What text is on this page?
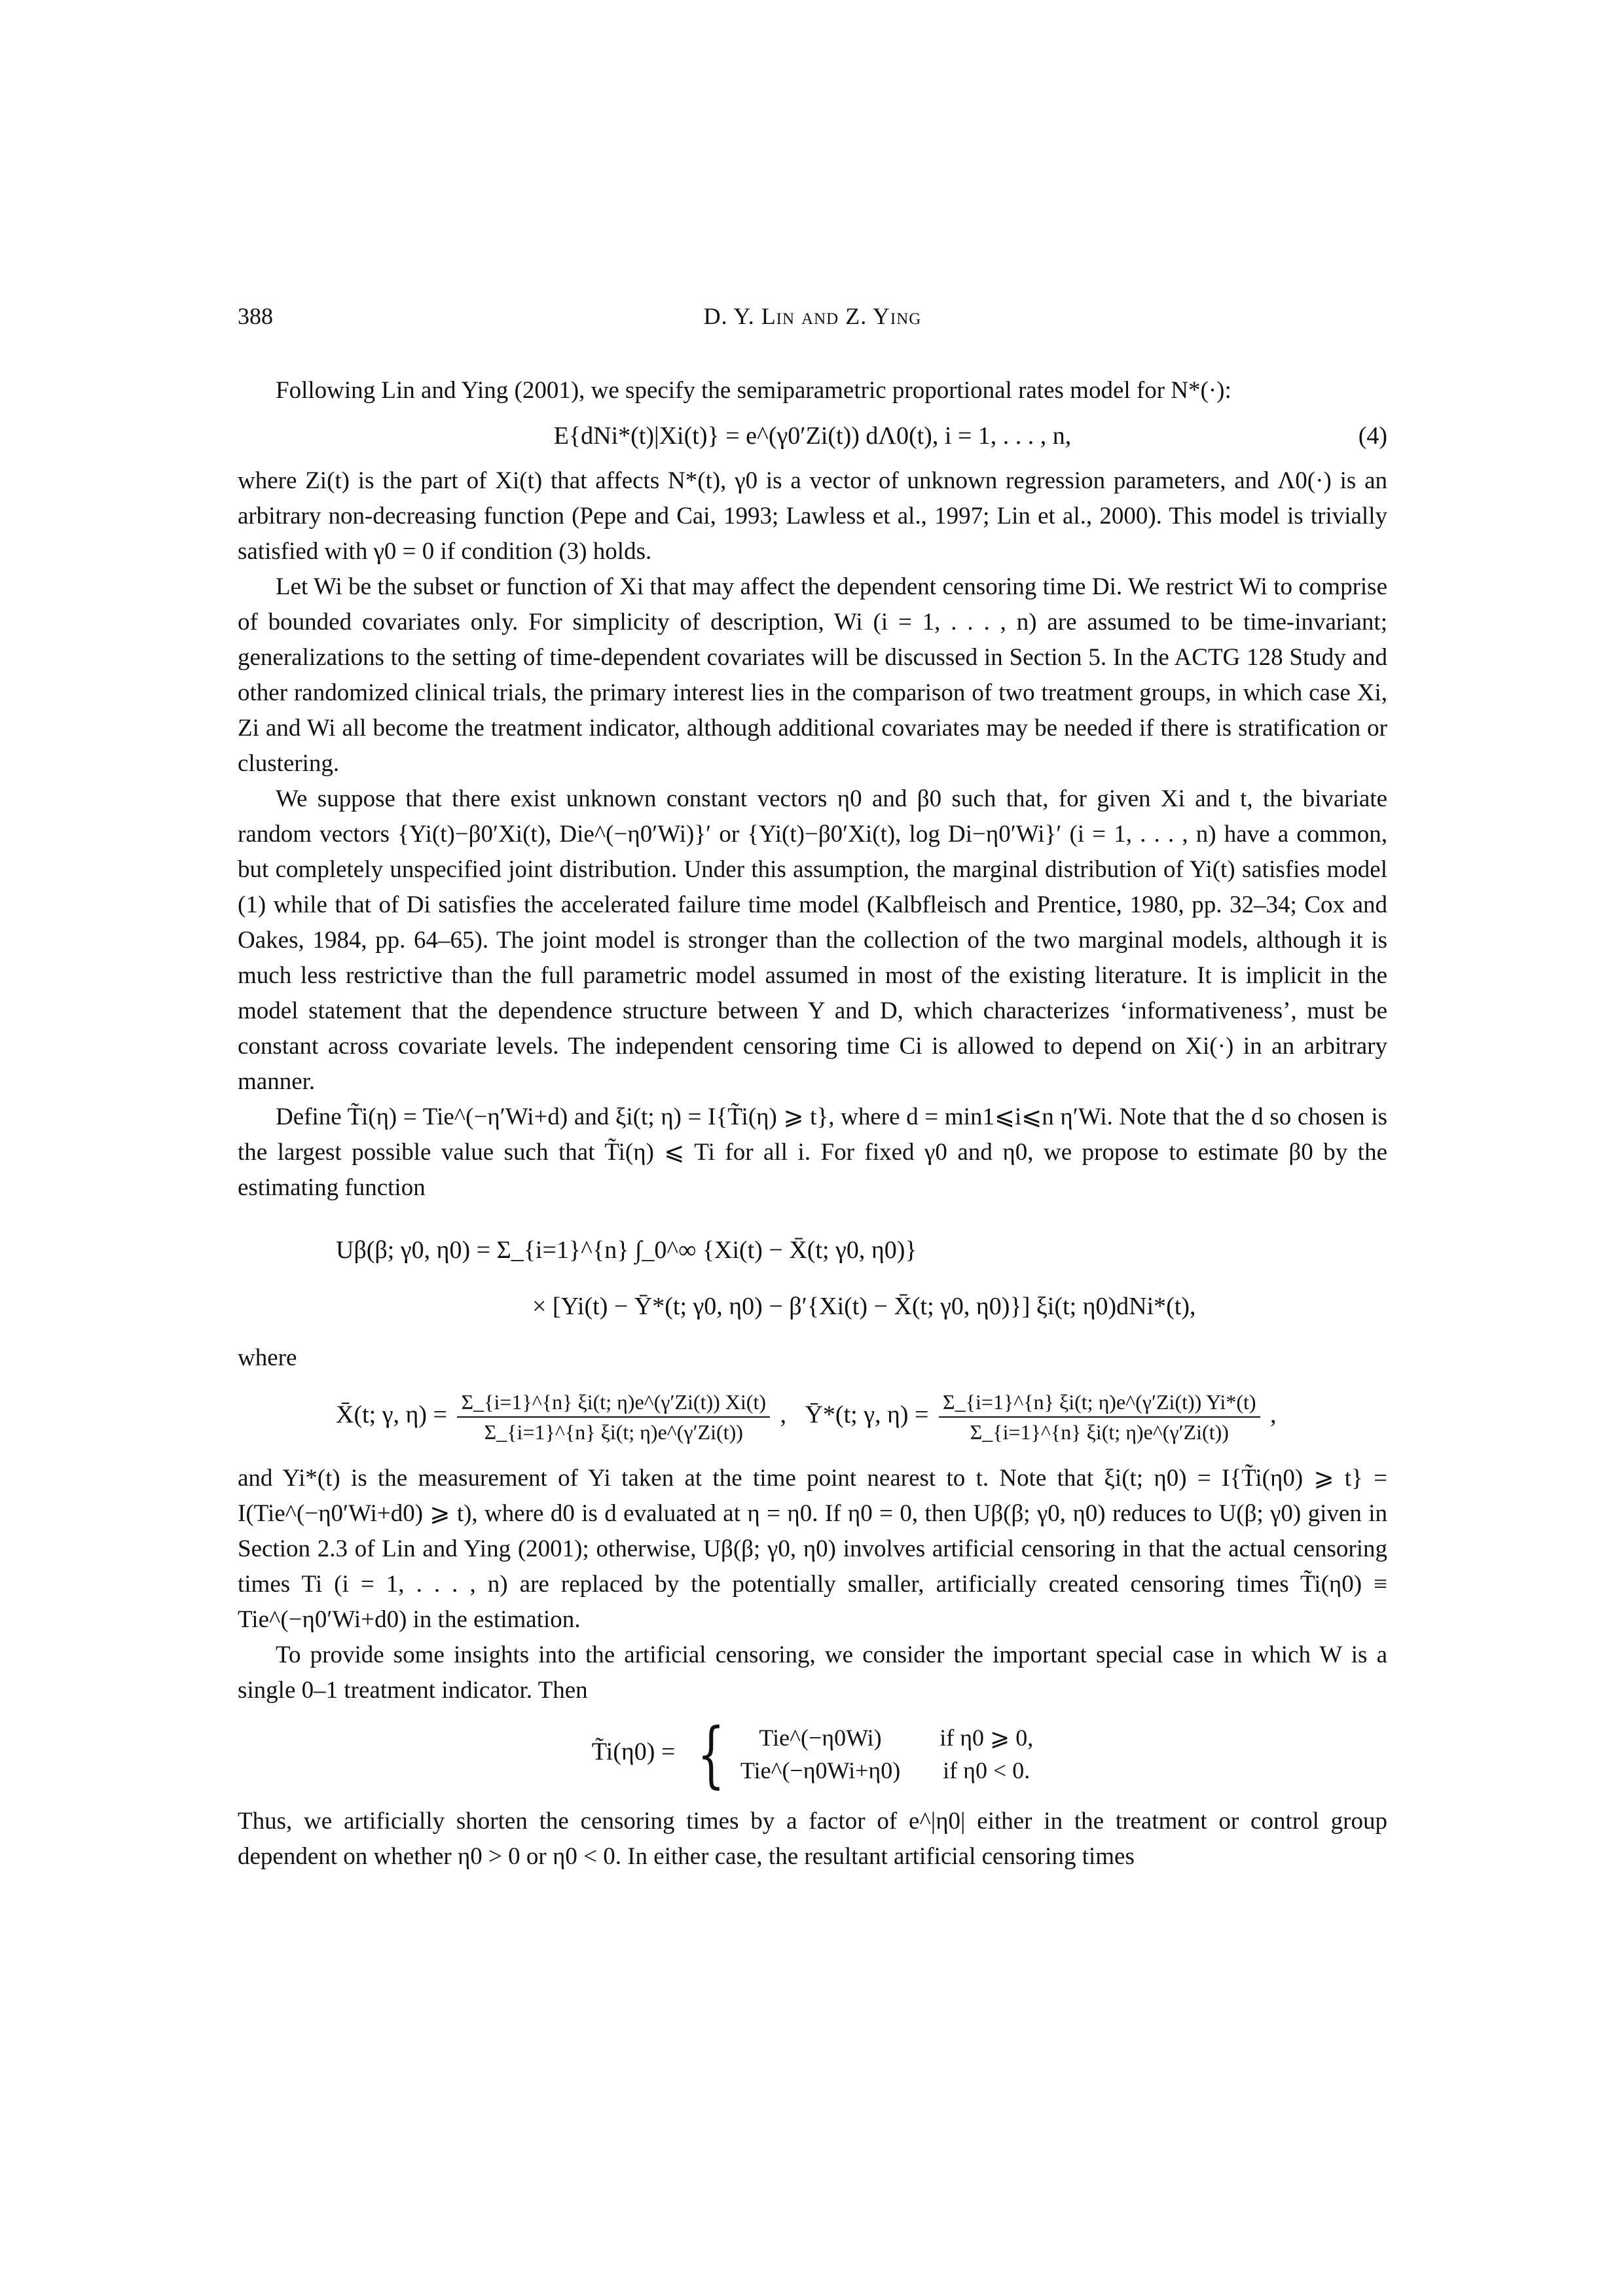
388	D. Y. Lin and Z. Ying

Following Lin and Ying (2001), we specify the semiparametric proportional rates model for N*(·):

E{dNi*(t)|Xi(t)} = e^(γ0′Zi(t)) dΛ0(t), i = 1, . . . , n,	(4)

where Zi(t) is the part of Xi(t) that affects N*(t), γ0 is a vector of unknown regression parameters, and Λ0(·) is an arbitrary non-decreasing function (Pepe and Cai, 1993; Lawless et al., 1997; Lin et al., 2000). This model is trivially satisfied with γ0 = 0 if condition (3) holds.

Let Wi be the subset or function of Xi that may affect the dependent censoring time Di. We restrict Wi to comprise of bounded covariates only. For simplicity of description, Wi (i = 1, . . . , n) are assumed to be time-invariant; generalizations to the setting of time-dependent covariates will be discussed in Section 5. In the ACTG 128 Study and other randomized clinical trials, the primary interest lies in the comparison of two treatment groups, in which case Xi, Zi and Wi all become the treatment indicator, although additional covariates may be needed if there is stratification or clustering.

We suppose that there exist unknown constant vectors η0 and β0 such that, for given Xi and t, the bivariate random vectors {Yi(t)−β0′Xi(t), Die^(−η0′Wi)}′ or {Yi(t)−β0′Xi(t), log Di−η0′Wi}′ (i = 1, . . . , n) have a common, but completely unspecified joint distribution. Under this assumption, the marginal distribution of Yi(t) satisfies model (1) while that of Di satisfies the accelerated failure time model (Kalbfleisch and Prentice, 1980, pp. 32–34; Cox and Oakes, 1984, pp. 64–65). The joint model is stronger than the collection of the two marginal models, although it is much less restrictive than the full parametric model assumed in most of the existing literature. It is implicit in the model statement that the dependence structure between Y and D, which characterizes ‘informativeness’, must be constant across covariate levels. The independent censoring time Ci is allowed to depend on Xi(·) in an arbitrary manner.

Define T̃i(η) = Tie^(−η′Wi+d) and ξi(t; η) = I{T̃i(η) ⩾ t}, where d = min1⩽i⩽n η′Wi. Note that the d so chosen is the largest possible value such that T̃i(η) ⩽ Ti for all i. For fixed γ0 and η0, we propose to estimate β0 by the estimating function

Uβ(β; γ0, η0) = Σ_{i=1}^{n} ∫_0^∞ {Xi(t) − X̄(t; γ0, η0)}
× [Yi(t) − Ȳ*(t; γ0, η0) − β′{Xi(t) − X̄(t; γ0, η0)}] ξi(t; η0)dNi*(t),

where

X̄(t; γ, $\eta) = \frac{\Sigma\_\{i=1\}\^{}\{n\} \xi i(t; \eta)e\^{}(\gamma'Zi(t)) Xi(t)}{\Sigma\_\{i=1\}\^{}\{n\} \xi i(t; \eta)e\^{}(\gamma'Zi(t))}$ ,   Ȳ*(t; γ, $\eta) = \frac{\Sigma\_\{i=1\}\^{}\{n\} \xi i(t; \eta)e\^{}(\gamma'Zi(t)) Yi*(t)}{\Sigma\_\{i=1\}\^{}\{n\} \xi i(t; \eta)e\^{}(\gamma'Zi(t))}$ ,

and Yi*(t) is the measurement of Yi taken at the time point nearest to t. Note that ξi(t; η0) = I{T̃i(η0) ⩾ t} = I(Tie^(−η0′Wi+d0) ⩾ t), where d0 is d evaluated at η = η0. If η0 = 0, then Uβ(β; γ0, η0) reduces to U(β; γ0) given in Section 2.3 of Lin and Ying (2001); otherwise, Uβ(β; γ0, η0) involves artificial censoring in that the actual censoring times Ti (i = 1, . . . , n) are replaced by the potentially smaller, artificially created censoring times T̃i(η0) ≡ Tie^(−η0′Wi+d0) in the estimation.

To provide some insights into the artificial censoring, we consider the important special case in which W is a single 0–1 treatment indicator. Then

T̃i(η0) = {	Tie^(−η0Wi)	if η0 ⩾ 0,
Tie^(−η0Wi+η0) if η0 < 0.

Thus, we artificially shorten the censoring times by a factor of e^|η0| either in the treatment or control group dependent on whether η0 > 0 or η0 < 0. In either case, the resultant artificial censoring times
